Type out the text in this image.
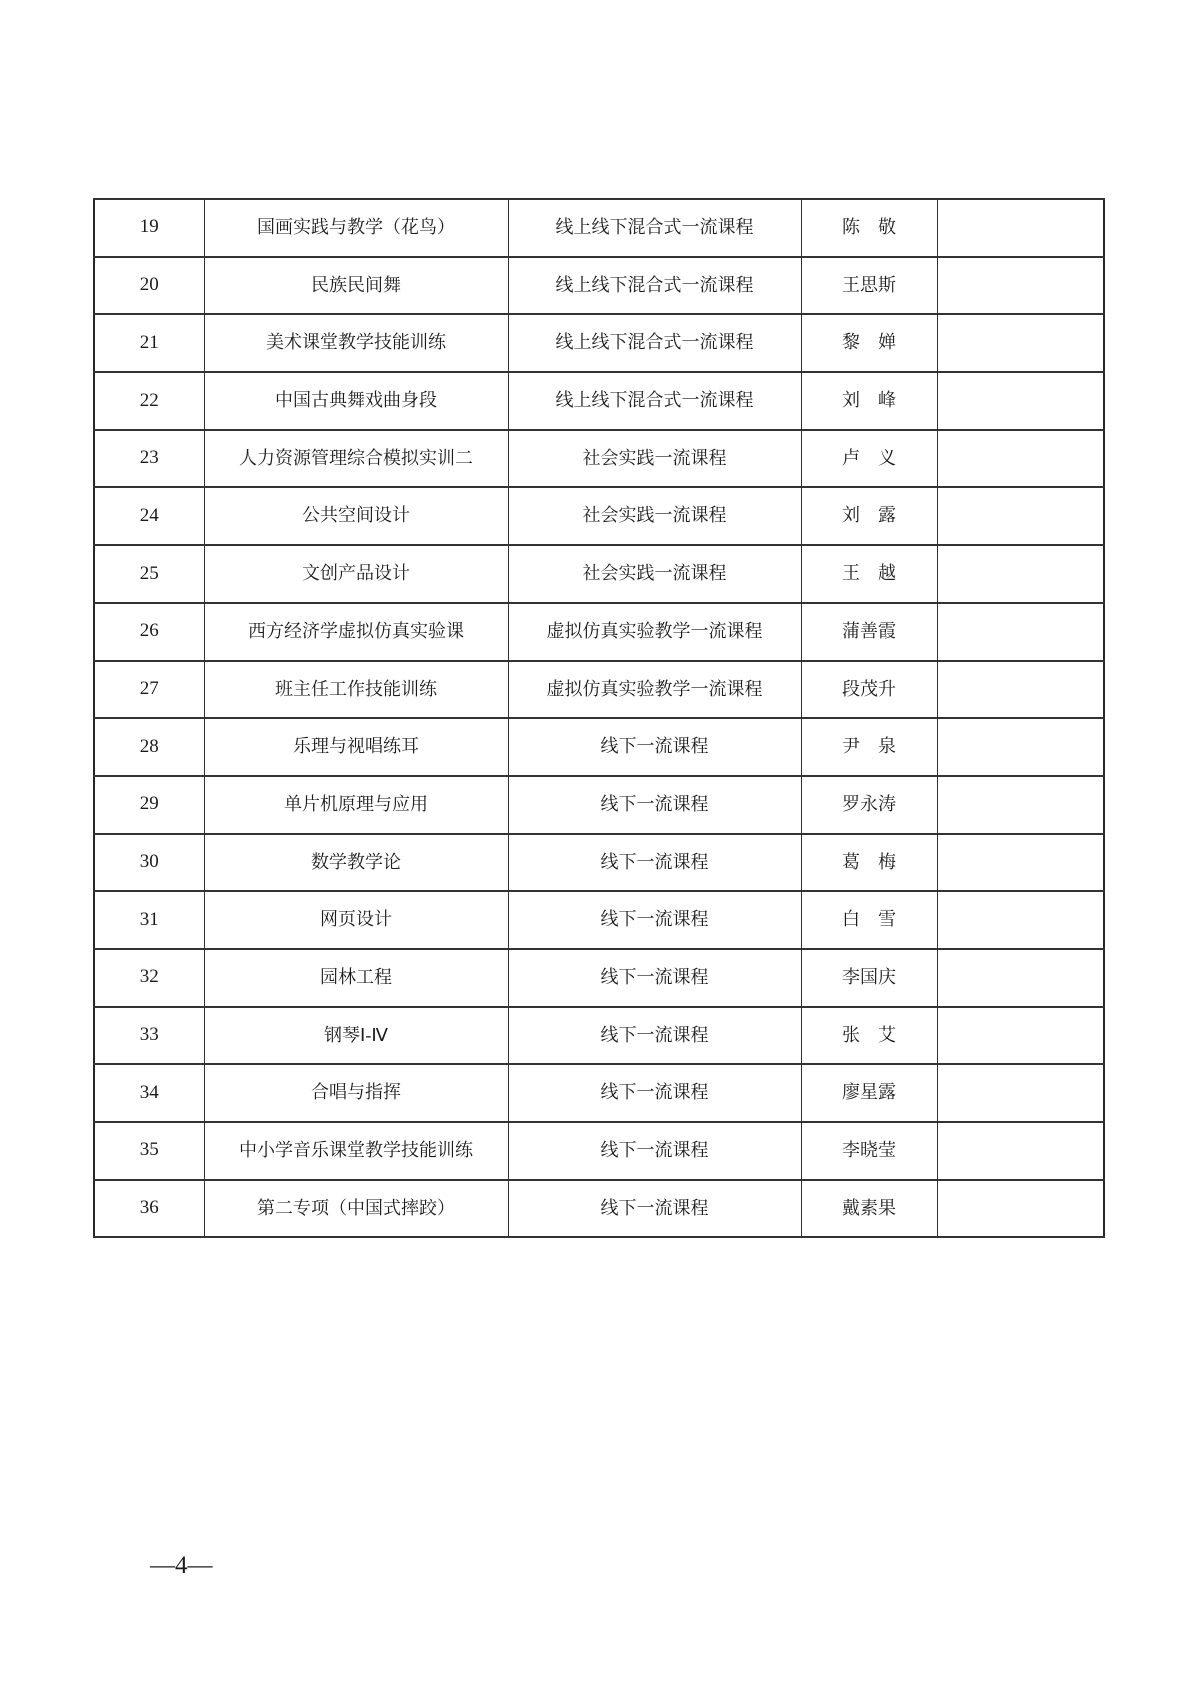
19	国画实践与教学（花鸟）	线上线下混合式一流课程	陈　敬	
20	民族民间舞	线上线下混合式一流课程	王思斯	
21	美术课堂教学技能训练	线上线下混合式一流课程	黎　婵	
22	中国古典舞戏曲身段	线上线下混合式一流课程	刘　峰	
23	人力资源管理综合模拟实训二	社会实践一流课程	卢　义	
24	公共空间设计	社会实践一流课程	刘　露	
25	文创产品设计	社会实践一流课程	王　越	
26	西方经济学虚拟仿真实验课	虚拟仿真实验教学一流课程	蒲善霞	
27	班主任工作技能训练	虚拟仿真实验教学一流课程	段茂升	
28	乐理与视唱练耳	线下一流课程	尹　泉	
29	单片机原理与应用	线下一流课程	罗永涛	
30	数学教学论	线下一流课程	葛　梅	
31	网页设计	线下一流课程	白　雪	
32	园林工程	线下一流课程	李国庆	
33	钢琴Ⅰ-Ⅳ	线下一流课程	张　艾	
34	合唱与指挥	线下一流课程	廖星露	
35	中小学音乐课堂教学技能训练	线下一流课程	李晓莹	
36	第二专项（中国式摔跤）	线下一流课程	戴素果	
—4—
